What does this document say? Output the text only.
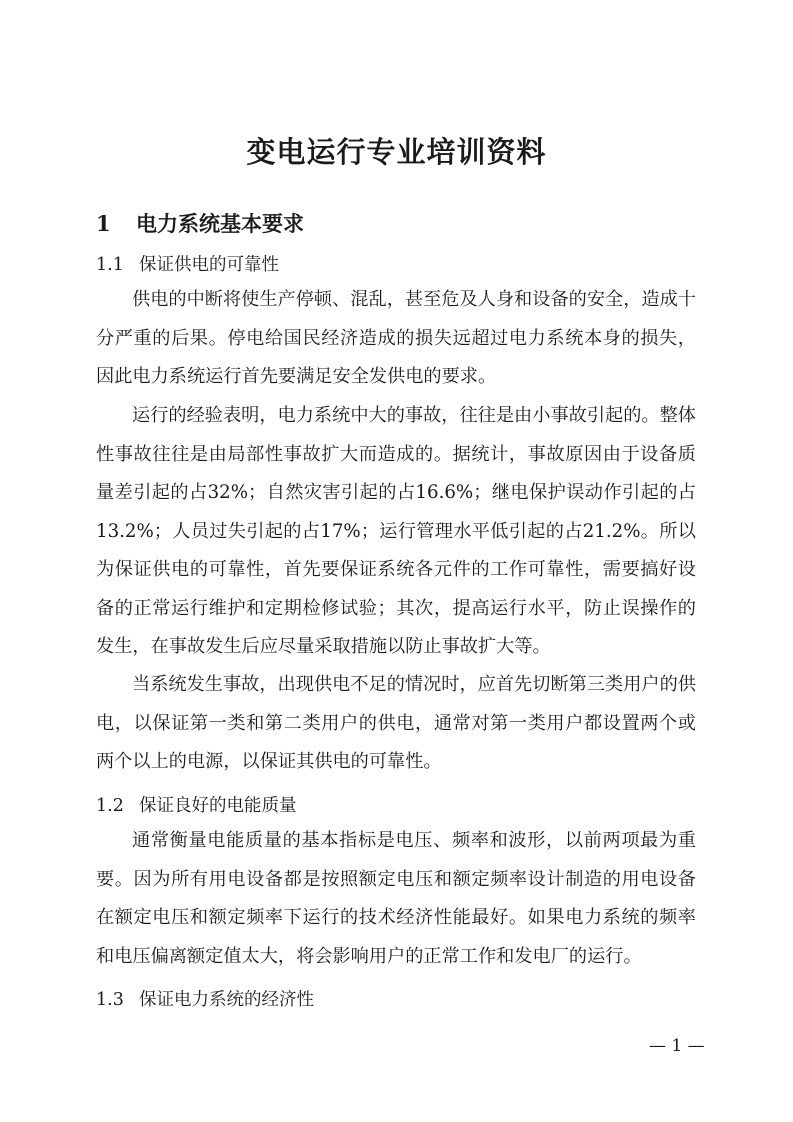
变电运行专业培训资料
1 电力系统基本要求
1.1 保证供电的可靠性

供电的中断将使生产停顿、混乱，甚至危及人身和设备的安全，造成十分严重的后果。停电给国民经济造成的损失远超过电力系统本身的损失，因此电力系统运行首先要满足安全发供电的要求。

运行的经验表明，电力系统中大的事故，往往是由小事故引起的。整体性事故往往是由局部性事故扩大而造成的。据统计，事故原因由于设备质量差引起的占32%；自然灾害引起的占16.6%；继电保护误动作引起的占13.2%；人员过失引起的占17%；运行管理水平低引起的占21.2%。所以为保证供电的可靠性，首先要保证系统各元件的工作可靠性，需要搞好设备的正常运行维护和定期检修试验；其次，提高运行水平，防止误操作的发生，在事故发生后应尽量采取措施以防止事故扩大等。

当系统发生事故，出现供电不足的情况时，应首先切断第三类用户的供电，以保证第一类和第二类用户的供电，通常对第一类用户都设置两个或两个以上的电源，以保证其供电的可靠性。

1.2 保证良好的电能质量

通常衡量电能质量的基本指标是电压、频率和波形，以前两项最为重要。因为所有用电设备都是按照额定电压和额定频率设计制造的用电设备在额定电压和额定频率下运行的技术经济性能最好。如果电力系统的频率和电压偏离额定值太大，将会影响用户的正常工作和发电厂的运行。

1.3 保证电力系统的经济性
— 1 —
